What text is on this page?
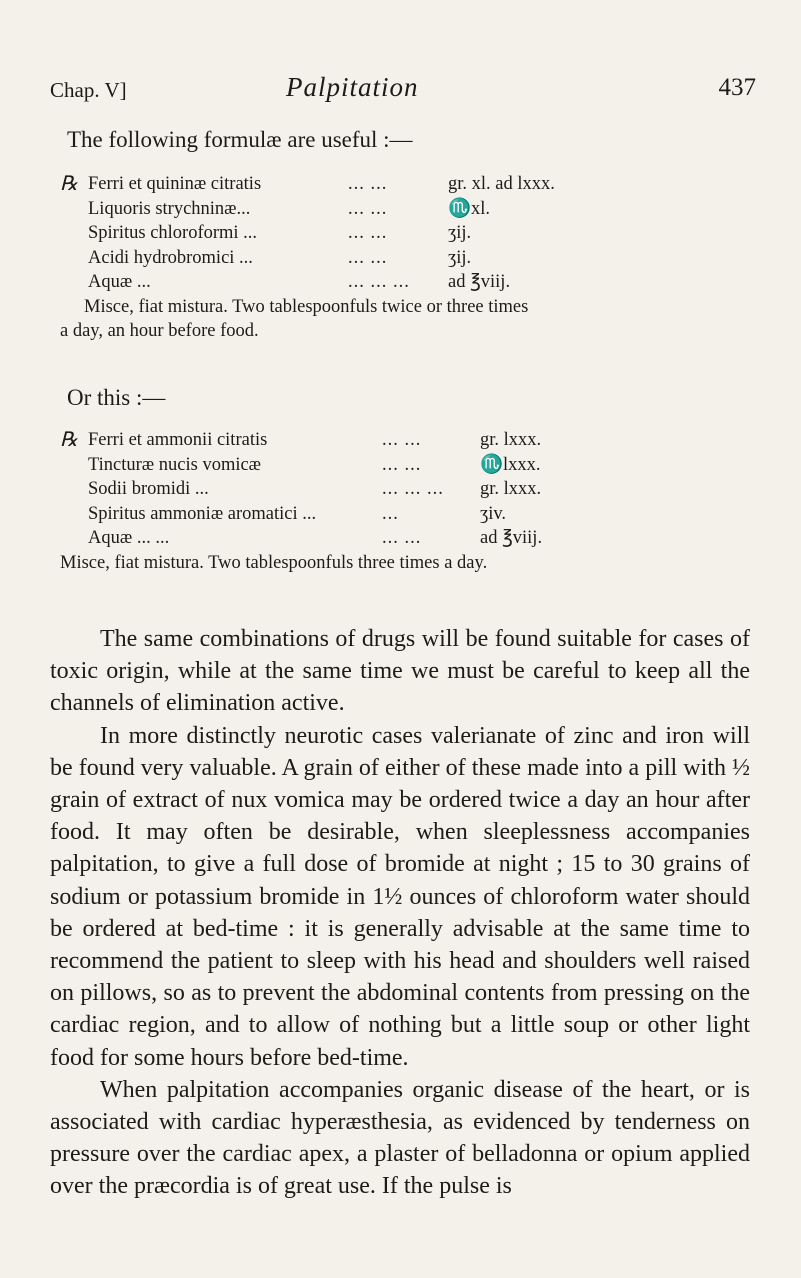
Chap. V]	Palpitation	437
The following formulæ are useful :—
℞ Ferri et quininæ citratis	... ...	gr. xl. ad lxxx.
Liquoris strychninæ...	... ...	♏xl.
Spiritus chloroformi ...	... ...	ʒij.
Acidi hydrobromici ...	... ...	ʒij.
Aquæ ...	... ... ... ad ℥viij.
Misce, fiat mistura. Two tablespoonfuls twice or three times
a day, an hour before food.
Or this :—
℞ Ferri et ammonii citratis	... ...	gr. lxxx.
Tincturæ nucis vomicæ	... ...	♏lxxx.
Sodii bromidi ...	... ... ... gr. lxxx.
Spiritus ammoniæ aromatici ...	...	ʒiv.
Aquæ ... ...	... ...	ad ℥viij.
Misce, fiat mistura. Two tablespoonfuls three times a day.

The same combinations of drugs will be found suitable for cases of toxic origin, while at the same time we must be careful to keep all the channels of elimination active.

In more distinctly neurotic cases valerianate of zinc and iron will be found very valuable. A grain of either of these made into a pill with ½ grain of extract of nux vomica may be ordered twice a day an hour after food. It may often be desirable, when sleeplessness accompanies palpitation, to give a full dose of bromide at night ; 15 to 30 grains of sodium or potassium bromide in 1½ ounces of chloroform water should be ordered at bed-time : it is generally advisable at the same time to recommend the patient to sleep with his head and shoulders well raised on pillows, so as to prevent the abdominal contents from pressing on the cardiac region, and to allow of nothing but a little soup or other light food for some hours before bed-time.

When palpitation accompanies organic disease of the heart, or is associated with cardiac hyperæsthesia, as evidenced by tenderness on pressure over the cardiac apex, a plaster of belladonna or opium applied over the præcordia is of great use. If the pulse is
